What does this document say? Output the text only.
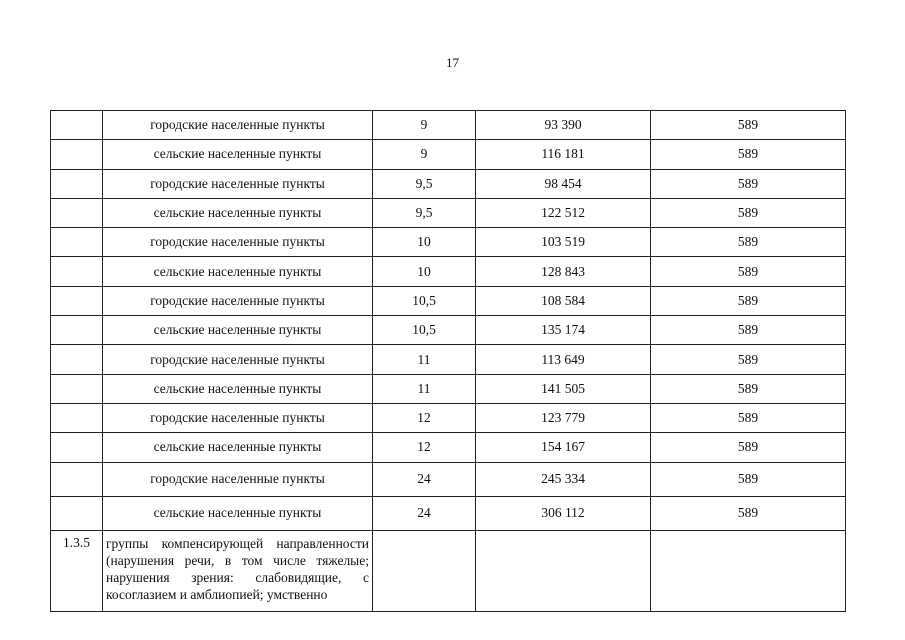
17
	городские населенные пункты	9	93 390	589
	сельские населенные пункты	9	116 181	589
	городские населенные пункты	9,5	98 454	589
	сельские населенные пункты	9,5	122 512	589
	городские населенные пункты	10	103 519	589
	сельские населенные пункты	10	128 843	589
	городские населенные пункты	10,5	108 584	589
	сельские населенные пункты	10,5	135 174	589
	городские населенные пункты	11	113 649	589
	сельские населенные пункты	11	141 505	589
	городские населенные пункты	12	123 779	589
	сельские населенные пункты	12	154 167	589
	городские населенные пункты	24	245 334	589
	сельские населенные пункты	24	306 112	589
1.3.5	группы компенсирующей направленности (нарушения речи, в том числе тяжелые; нарушения зрения: слабовидящие, с косоглазием и амблиопией; умственно			
